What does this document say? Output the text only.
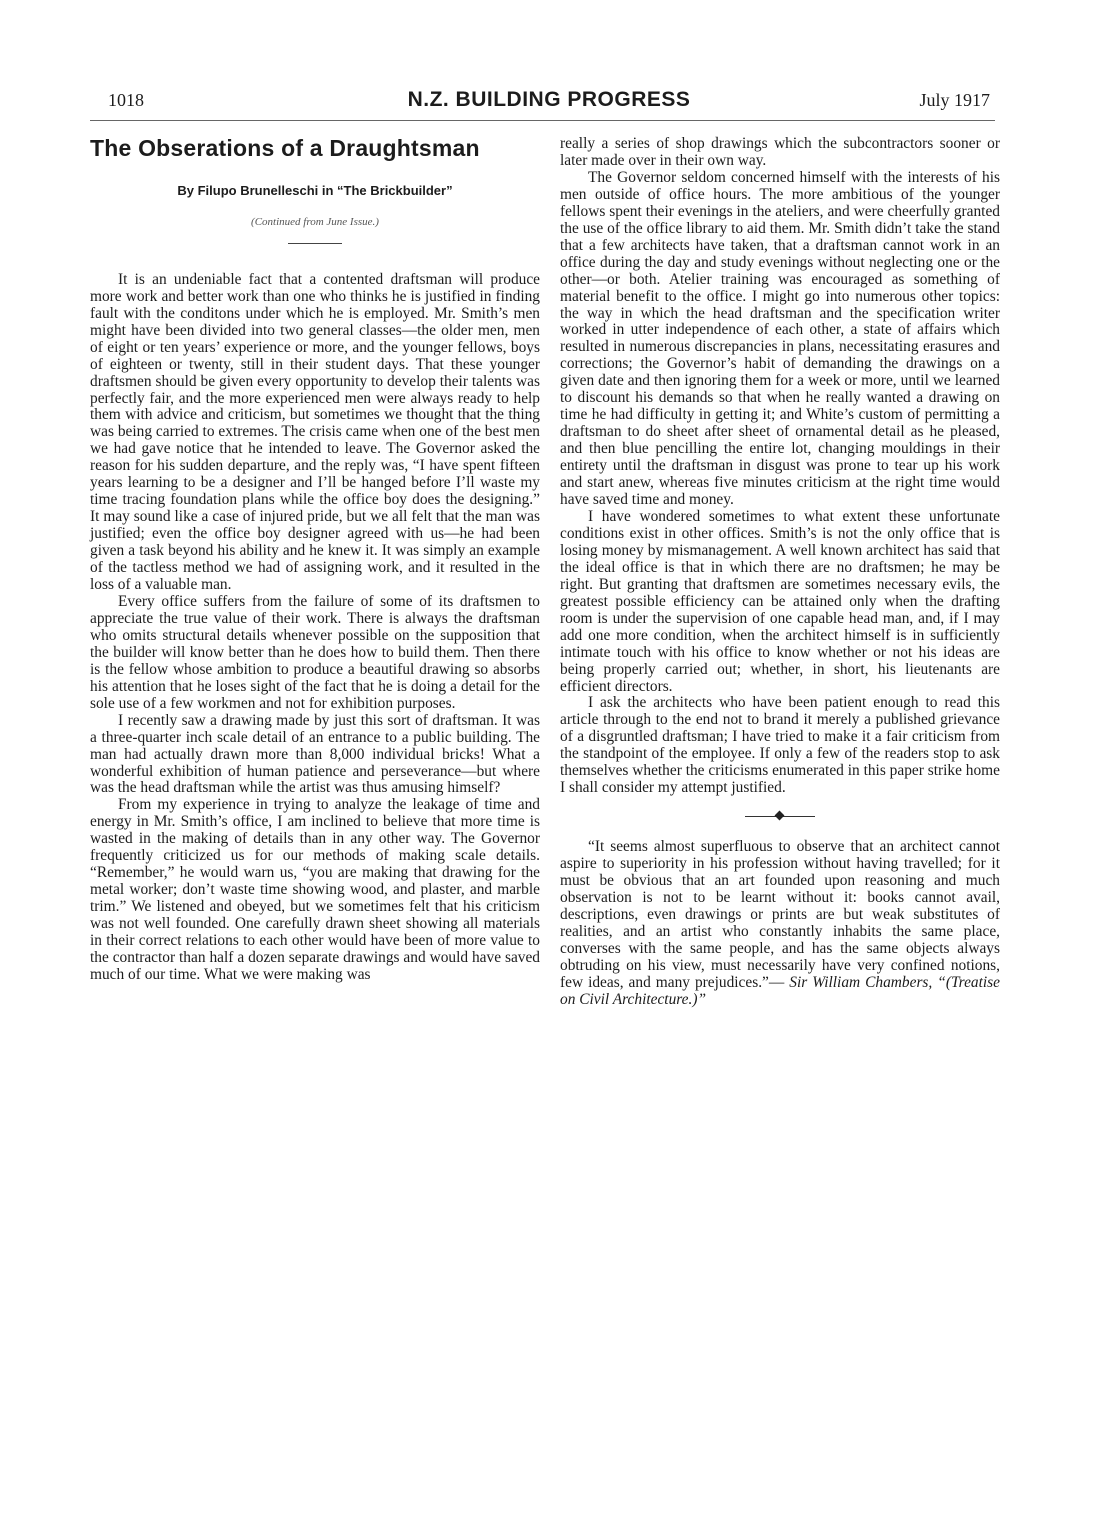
1018	N.Z. BUILDING PROGRESS	July 1917
The Obserations of a Draughtsman
By Filupo Brunelleschi in “The Brickbuilder”
(Continued from June Issue.)

It is an undeniable fact that a contented draftsman will produce more work and better work than one who thinks he is justified in finding fault with the conditons under which he is employed. Mr. Smith’s men might have been divided into two general classes—the older men, men of eight or ten years’ experience or more, and the younger fellows, boys of eighteen or twenty, still in their student days. That these younger draftsmen should be given every opportunity to develop their talents was perfectly fair, and the more experienced men were always ready to help them with advice and criticism, but sometimes we thought that the thing was being carried to extremes. The crisis came when one of the best men we had gave notice that he intended to leave. The Governor asked the reason for his sudden departure, and the reply was, “I have spent fifteen years learning to be a designer and I’ll be hanged before I’ll waste my time tracing foundation plans while the office boy does the designing.” It may sound like a case of injured pride, but we all felt that the man was justified; even the office boy designer agreed with us—he had been given a task beyond his ability and he knew it. It was simply an example of the tactless method we had of assigning work, and it resulted in the loss of a valuable man.

Every office suffers from the failure of some of its draftsmen to appreciate the true value of their work. There is always the draftsman who omits structural details whenever possible on the supposition that the builder will know better than he does how to build them. Then there is the fellow whose ambition to produce a beautiful drawing so absorbs his attention that he loses sight of the fact that he is doing a detail for the sole use of a few workmen and not for exhibition purposes.

I recently saw a drawing made by just this sort of draftsman. It was a three-quarter inch scale detail of an entrance to a public building. The man had actually drawn more than 8,000 individual bricks! What a wonderful exhibition of human patience and perseverance—but where was the head draftsman while the artist was thus amusing himself?

From my experience in trying to analyze the leakage of time and energy in Mr. Smith’s office, I am inclined to believe that more time is wasted in the making of details than in any other way. The Governor frequently criticized us for our methods of making scale details. “Remember,” he would warn us, “you are making that drawing for the metal worker; don’t waste time showing wood, and plaster, and marble trim.” We listened and obeyed, but we sometimes felt that his criticism was not well founded. One carefully drawn sheet showing all materials in their correct relations to each other would have been of more value to the contractor than half a dozen separate drawings and would have saved much of our time. What we were making was

really a series of shop drawings which the subcontractors sooner or later made over in their own way.

The Governor seldom concerned himself with the interests of his men outside of office hours. The more ambitious of the younger fellows spent their evenings in the ateliers, and were cheerfully granted the use of the office library to aid them. Mr. Smith didn’t take the stand that a few architects have taken, that a draftsman cannot work in an office during the day and study evenings without neglecting one or the other—or both. Atelier training was encouraged as something of material benefit to the office. I might go into numerous other topics: the way in which the head draftsman and the specification writer worked in utter independence of each other, a state of affairs which resulted in numerous discrepancies in plans, necessitating erasures and corrections; the Governor’s habit of demanding the drawings on a given date and then ignoring them for a week or more, until we learned to discount his demands so that when he really wanted a drawing on time he had difficulty in getting it; and White’s custom of permitting a draftsman to do sheet after sheet of ornamental detail as he pleased, and then blue pencilling the entire lot, changing mouldings in their entirety until the draftsman in disgust was prone to tear up his work and start anew, whereas five minutes criticism at the right time would have saved time and money.

I have wondered sometimes to what extent these unfortunate conditions exist in other offices. Smith’s is not the only office that is losing money by mismanagement. A well known architect has said that the ideal office is that in which there are no draftsmen; he may be right. But granting that draftsmen are sometimes necessary evils, the greatest possible efficiency can be attained only when the drafting room is under the supervision of one capable head man, and, if I may add one more condition, when the architect himself is in sufficiently intimate touch with his office to know whether or not his ideas are being properly carried out; whether, in short, his lieutenants are efficient directors.

I ask the architects who have been patient enough to read this article through to the end not to brand it merely a published grievance of a disgruntled draftsman; I have tried to make it a fair criticism from the standpoint of the employee. If only a few of the readers stop to ask themselves whether the criticisms enumerated in this paper strike home I shall consider my attempt justified.

“It seems almost superfluous to observe that an architect cannot aspire to superiority in his profession without having travelled; for it must be obvious that an art founded upon reasoning and much observation is not to be learnt without it: books cannot avail, descriptions, even drawings or prints are but weak substitutes of realities, and an artist who constantly inhabits the same place, converses with the same people, and has the same objects always obtruding on his view, must necessarily have very confined notions, few ideas, and many prejudices.”— Sir William Chambers, “(Treatise on Civil Architecture.)”
